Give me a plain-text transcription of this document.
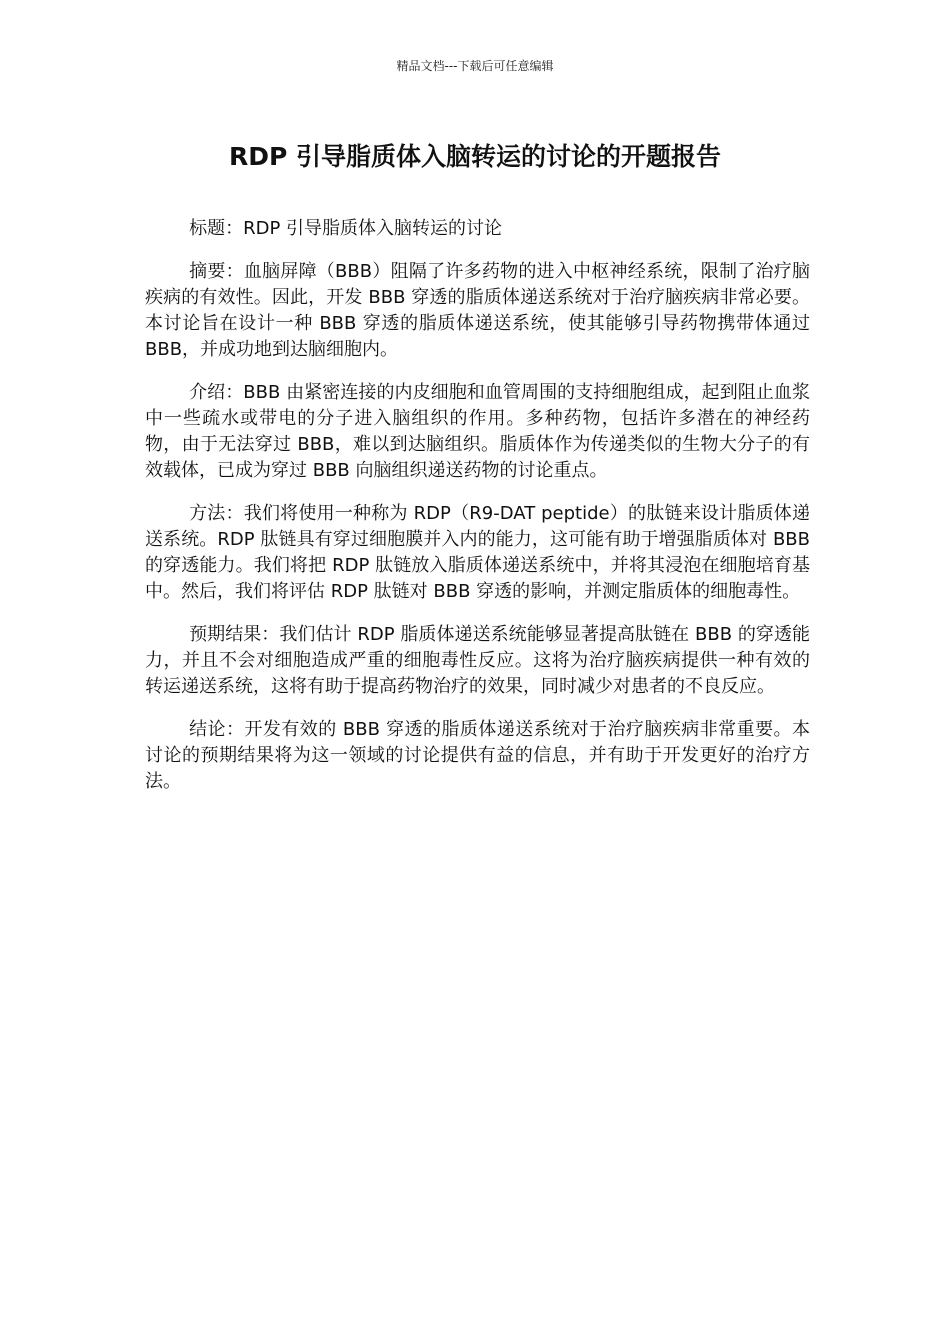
精品文档---下载后可任意编辑
RDP 引导脂质体入脑转运的讨论的开题报告

标题：RDP 引导脂质体入脑转运的讨论

摘要：血脑屏障（BBB）阻隔了许多药物的进入中枢神经系统，限制了治疗脑疾病的有效性。因此，开发 BBB 穿透的脂质体递送系统对于治疗脑疾病非常必要。本讨论旨在设计一种 BBB 穿透的脂质体递送系统，使其能够引导药物携带体通过 BBB，并成功地到达脑细胞内。

介绍：BBB 由紧密连接的内皮细胞和血管周围的支持细胞组成，起到阻止血浆中一些疏水或带电的分子进入脑组织的作用。多种药物，包括许多潜在的神经药物，由于无法穿过 BBB，难以到达脑组织。脂质体作为传递类似的生物大分子的有效载体，已成为穿过 BBB 向脑组织递送药物的讨论重点。

方法：我们将使用一种称为 RDP（R9-DAT peptide）的肽链来设计脂质体递送系统。RDP 肽链具有穿过细胞膜并入内的能力，这可能有助于增强脂质体对 BBB 的穿透能力。我们将把 RDP 肽链放入脂质体递送系统中，并将其浸泡在细胞培育基中。然后，我们将评估 RDP 肽链对 BBB 穿透的影响，并测定脂质体的细胞毒性。

预期结果：我们估计 RDP 脂质体递送系统能够显著提高肽链在 BBB 的穿透能力，并且不会对细胞造成严重的细胞毒性反应。这将为治疗脑疾病提供一种有效的转运递送系统，这将有助于提高药物治疗的效果，同时减少对患者的不良反应。

结论：开发有效的 BBB 穿透的脂质体递送系统对于治疗脑疾病非常重要。本讨论的预期结果将为这一领域的讨论提供有益的信息，并有助于开发更好的治疗方法。
